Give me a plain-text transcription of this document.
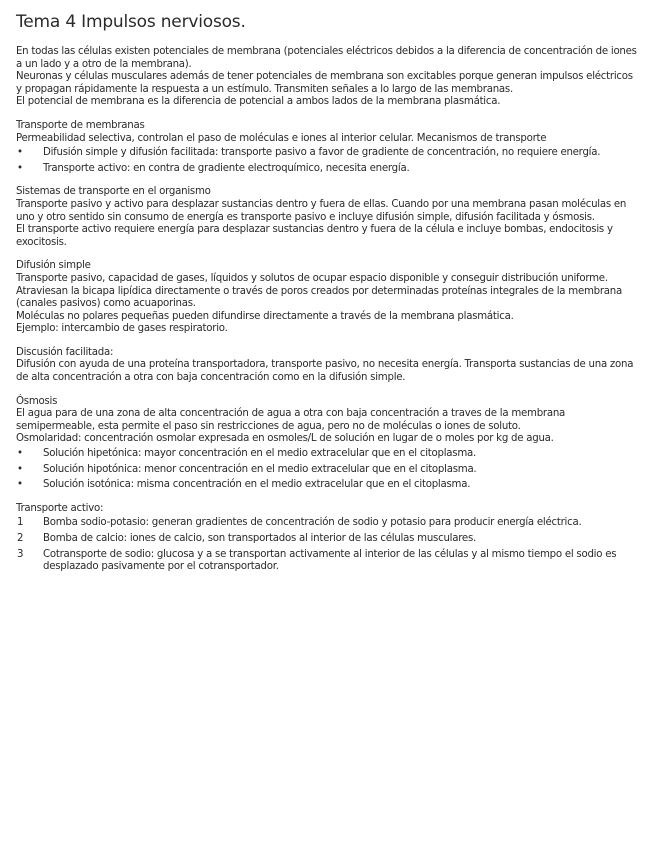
Tema 4 Impulsos nerviosos.

En todas las células existen potenciales de membrana (potenciales eléctricos debidos a la diferencia de concentración de iones a un lado y a otro de la membrana).

Neuronas y células musculares además de tener potenciales de membrana son excitables porque generan impulsos eléctricos y propagan rápidamente la respuesta a un estímulo. Transmiten señales a lo largo de las membranas.

El potencial de membrana es la diferencia de potencial a ambos lados de la membrana plasmática.

Transporte de membranas

Permeabilidad selectiva, controlan el paso de moléculas e iones al interior celular. Mecanismos de transporte

• Difusión simple y difusión facilitada: transporte pasivo a favor de gradiente de concentración, no requiere energía.
• Transporte activo: en contra de gradiente electroquímico, necesita energía.

Sistemas de transporte en el organismo

Transporte pasivo y activo para desplazar sustancias dentro y fuera de ellas. Cuando por una membrana pasan moléculas en uno y otro sentido sin consumo de energía es transporte pasivo e incluye difusión simple, difusión facilitada y ósmosis.

El transporte activo requiere energía para desplazar sustancias dentro y fuera de la célula e incluye bombas, endocitosis y exocitosis.

Difusión simple

Transporte pasivo, capacidad de gases, líquidos y solutos de ocupar espacio disponible y conseguir distribución uniforme. Atraviesan la bicapa lipídica directamente o través de poros creados por determinadas proteínas integrales de la membrana (canales pasivos) como acuaporinas.

Moléculas no polares pequeñas pueden difundirse directamente a través de la membrana plasmática.

Ejemplo: intercambio de gases respiratorio.

Discusión facilitada:

Difusión con ayuda de una proteína transportadora, transporte pasivo, no necesita energía. Transporta sustancias de una zona de alta concentración a otra con baja concentración como en la difusión simple.

Ósmosis

El agua para de una zona de alta concentración de agua a otra con baja concentración a traves de la membrana semipermeable, esta permite el paso sin restricciones de agua, pero no de moléculas o iones de soluto.

Osmolaridad: concentración osmolar expresada en osmoles/L de solución en lugar de o moles por kg de agua.

• Solución hipetónica: mayor concentración en el medio extracelular que en el citoplasma.
• Solución hipotónica: menor concentración en el medio extracelular que en el citoplasma.
• Solución isotónica: misma concentración en el medio extracelular que en el citoplasma.

Transporte activo:

1 Bomba sodio-potasio: generan gradientes de concentración de sodio y potasio para producir energía eléctrica.
2 Bomba de calcio: iones de calcio, son transportados al interior de las células musculares.
3 Cotransporte de sodio: glucosa y a se transportan activamente al interior de las células y al mismo tiempo el sodio es desplazado pasivamente por el cotransportador.
